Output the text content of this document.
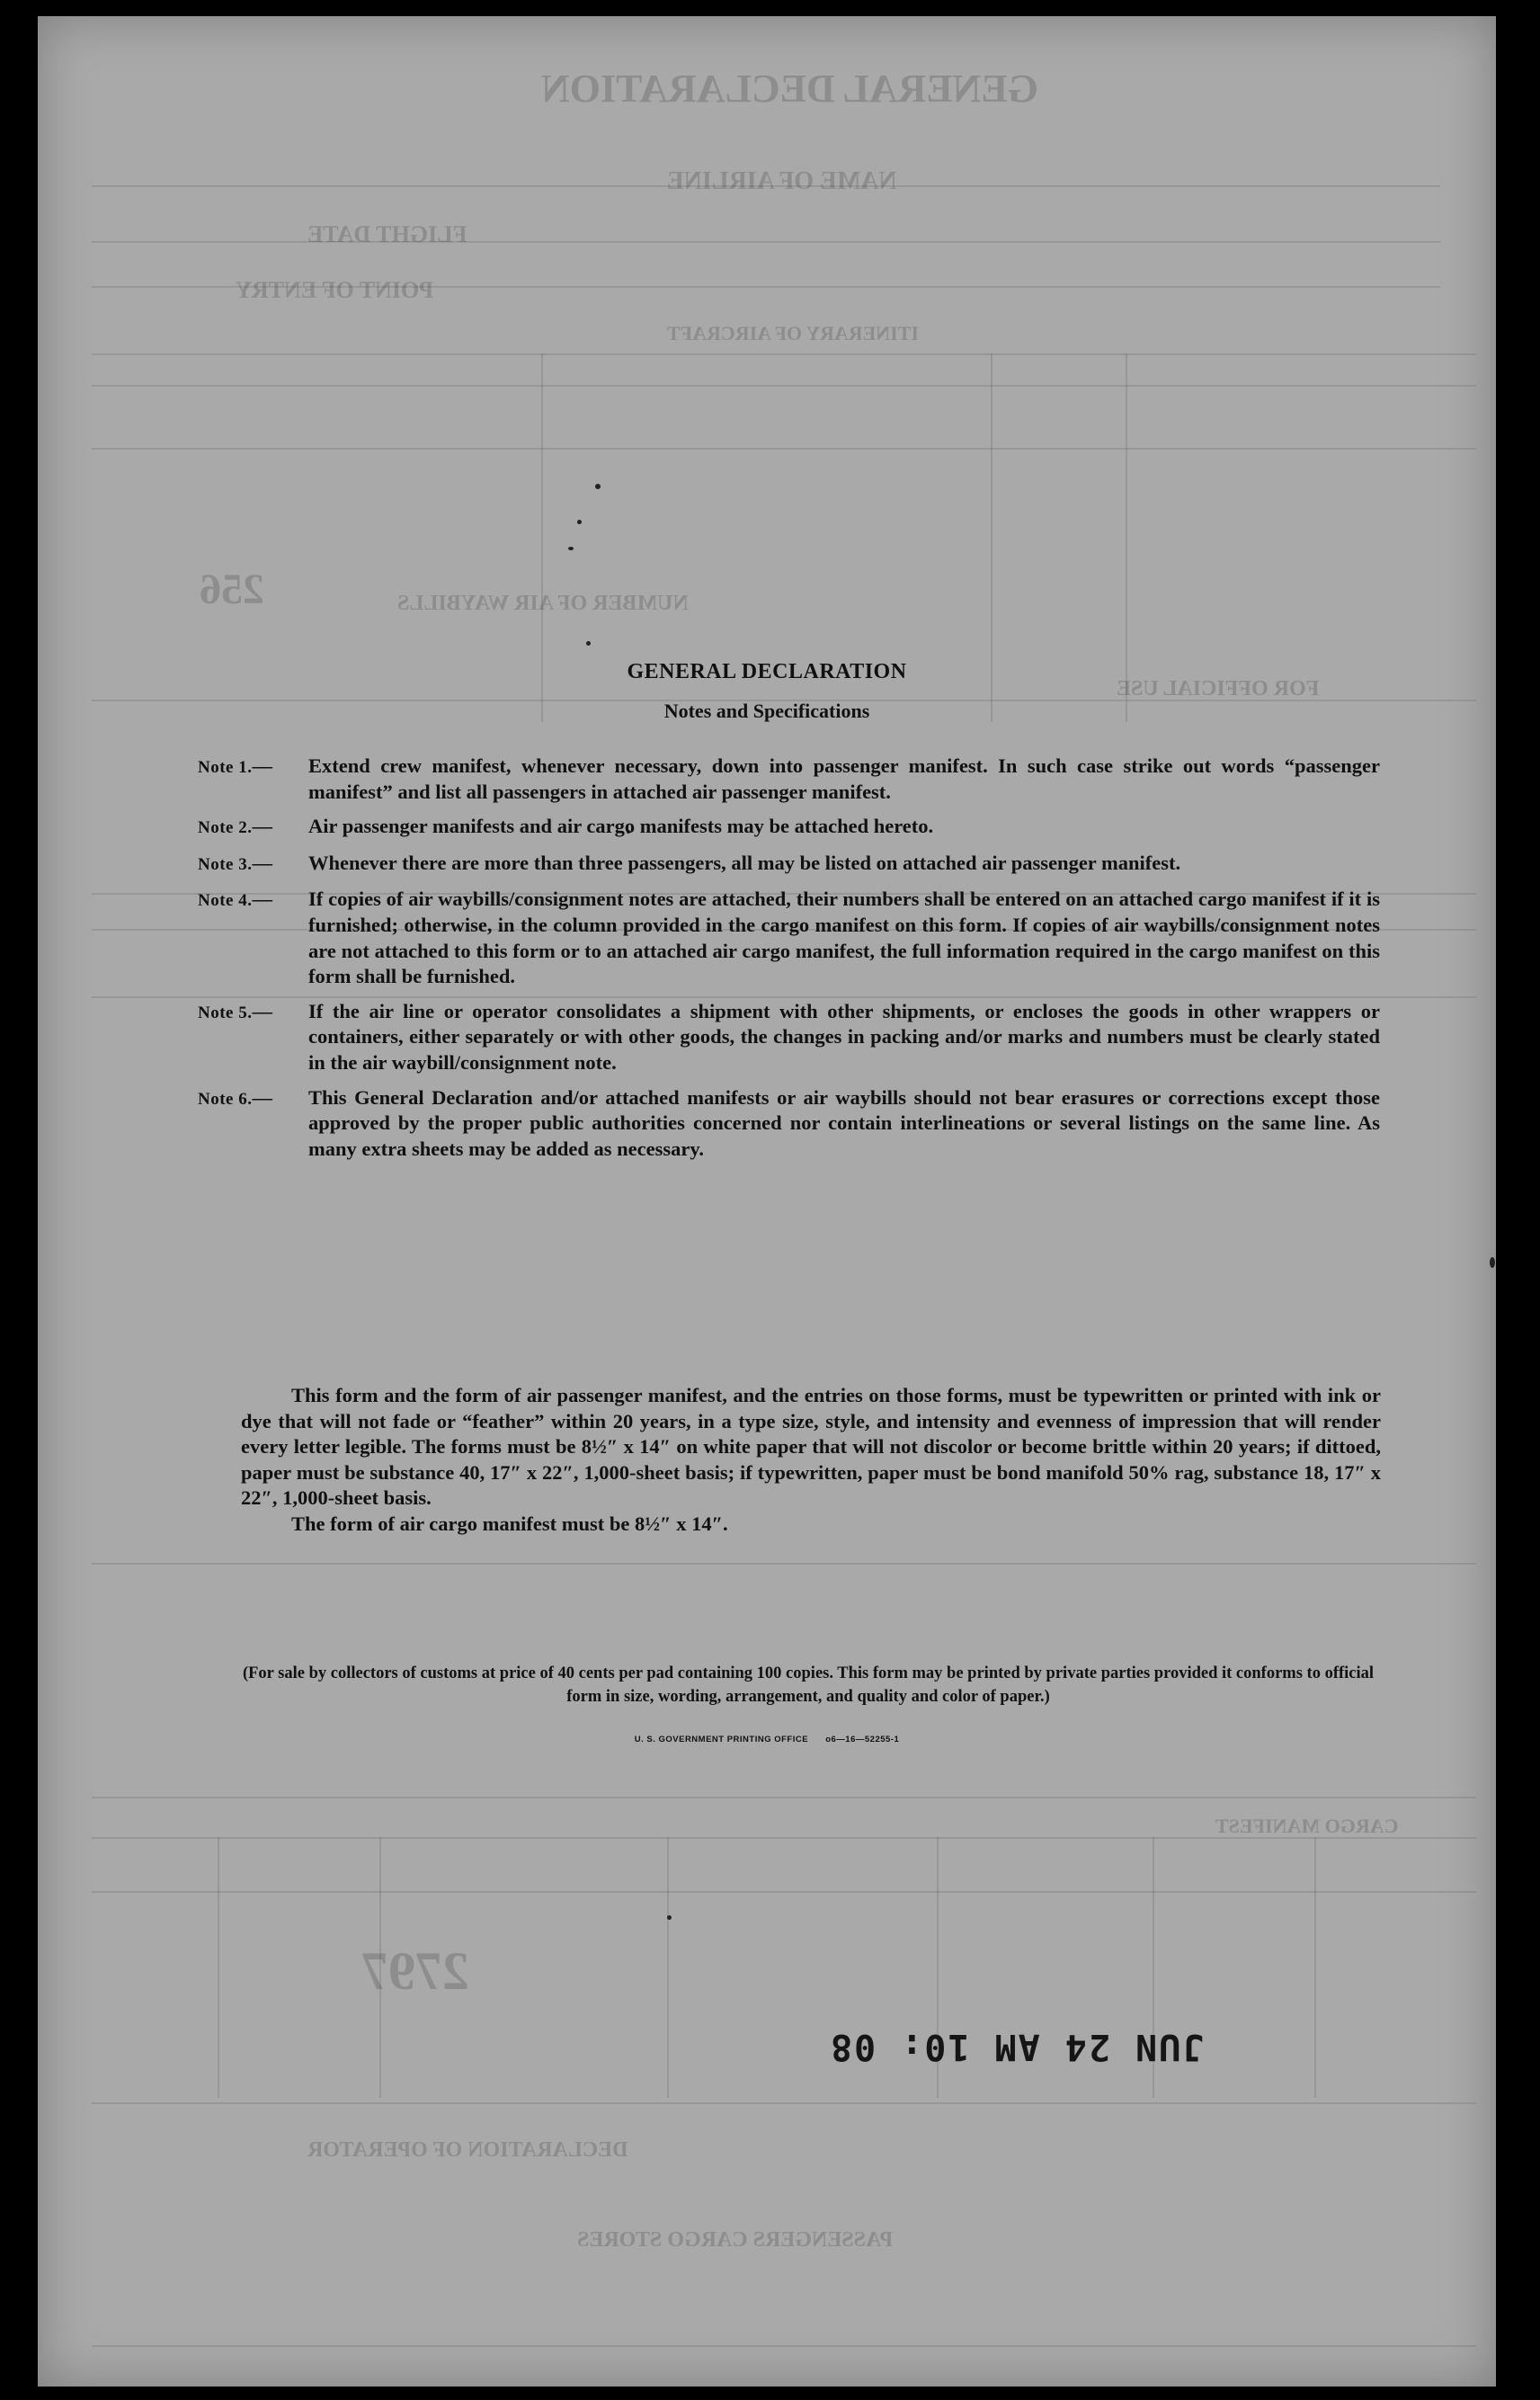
GENERAL DECLARATION
NAME OF AIRLINE
FLIGHT DATE
POINT OF ENTRY
ITINERARY OF AIRCRAFT
256	NUMBER OF AIR WAYBILLS
FOR OFFICIAL USE
CARGO MANIFEST
2797
DECLARATION OF OPERATOR
PASSENGERS CARGO STORES
JUN 24 AM 10: 08
GENERAL DECLARATION
Notes and Specifications
Note 1.—	Extend crew manifest, whenever necessary, down into passenger manifest. In such case strike out words “passenger manifest” and list all passengers in attached air passenger manifest.
Note 2.—	Air passenger manifests and air cargo manifests may be attached hereto.
Note 3.—	Whenever there are more than three passengers, all may be listed on attached air passenger manifest.
Note 4.—	If copies of air waybills/consignment notes are attached, their numbers shall be entered on an attached cargo manifest if it is furnished; otherwise, in the column provided in the cargo manifest on this form. If copies of air waybills/consignment notes are not attached to this form or to an attached air cargo manifest, the full information required in the cargo manifest on this form shall be furnished.
Note 5.—	If the air line or operator consolidates a shipment with other shipments, or encloses the goods in other wrappers or containers, either separately or with other goods, the changes in packing and/or marks and numbers must be clearly stated in the air waybill/consignment note.
Note 6.—	This General Declaration and/or attached manifests or air waybills should not bear erasures or corrections except those approved by the proper public authorities concerned nor contain interlineations or several listings on the same line. As many extra sheets may be added as necessary.

This form and the form of air passenger manifest, and the entries on those forms, must be typewritten or printed with ink or dye that will not fade or “feather” within 20 years, in a type size, style, and intensity and evenness of impression that will render every letter legible. The forms must be 8½″ x 14″ on white paper that will not discolor or become brittle within 20 years; if dittoed, paper must be substance 40, 17″ x 22″, 1,000-sheet basis; if typewritten, paper must be bond manifold 50% rag, substance 18, 17″ x 22″, 1,000-sheet basis.

The form of air cargo manifest must be 8½″ x 14″.

(For sale by collectors of customs at price of 40 cents per pad containing 100 copies. This form may be printed by private parties provided it conforms to official form in size, wording, arrangement, and quality and color of paper.)
U. S. GOVERNMENT PRINTING OFFICE o6—16—52255-1
